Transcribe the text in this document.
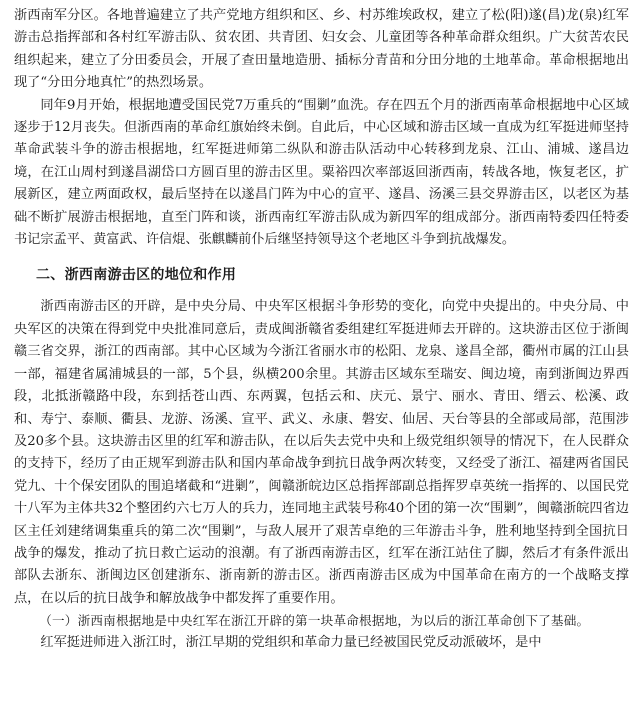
浙西南军分区。各地普遍建立了共产党地方组织和区、乡、村苏维埃政权，建立了松(阳)遂(昌)龙(泉)红军游击总指挥部和各村红军游击队、贫农团、共青团、妇女会、儿童团等各种革命群众组织。广大贫苦农民组织起来，建立了分田委员会，开展了查田量地造册、插标分青苗和分田分地的土地革命。革命根据地出现了“分田分地真忙”的热烈场景。

同年9月开始，根据地遭受国民党7万重兵的“围剿”血洗。存在四五个月的浙西南革命根据地中心区域逐步于12月丧失。但浙西南的革命红旗始终未倒。自此后，中心区域和游击区域一直成为红军挺进师坚持革命武装斗争的游击根据地，红军挺进师第二纵队和游击队活动中心转移到龙泉、江山、浦城、遂昌边境，在江山周村到遂昌湖岱口方圆百里的游击区里。粟裕四次率部返回浙西南，转战各地，恢复老区，扩展新区，建立两面政权，最后坚持在以遂昌门阵为中心的宣平、遂昌、汤溪三县交界游击区，以老区为基础不断扩展游击根据地，直至门阵和谈，浙西南红军游击队成为新四军的组成部分。浙西南特委四任特委书记宗孟平、黄富武、许信焜、张麒麟前仆后继坚持领导这个老地区斗争到抗战爆发。

二、浙西南游击区的地位和作用

浙西南游击区的开辟，是中央分局、中央军区根据斗争形势的变化，向党中央提出的。中央分局、中央军区的决策在得到党中央批准同意后，责成闽浙赣省委组建红军挺进师去开辟的。这块游击区位于浙闽赣三省交界，浙江的西南部。其中心区域为今浙江省丽水市的松阳、龙泉、遂昌全部，衢州市属的江山县一部，福建省属浦城县的一部，5个县，纵横200余里。其游击区域东至瑞安、闽边境，南到浙闽边界西段，北抵浙赣路中段，东到括苍山西、东两翼，包括云和、庆元、景宁、丽水、青田、缙云、松溪、政和、寿宁、泰顺、衢县、龙游、汤溪、宣平、武义、永康、磐安、仙居、天台等县的全部或局部，范围涉及20多个县。这块游击区里的红军和游击队，在以后失去党中央和上级党组织领导的情况下，在人民群众的支持下，经历了由正规军到游击队和国内革命战争到抗日战争两次转变，又经受了浙江、福建两省国民党九、十个保安团队的围追堵截和“进剿”，闽赣浙皖边区总指挥部副总指挥罗卓英统一指挥的、以国民党十八军为主体共32个整团约六七万人的兵力，连同地主武装号称40个团的第一次“围剿”，闽赣浙皖四省边区主任刘建绪调集重兵的第二次“围剿”，与敌人展开了艰苦卓绝的三年游击斗争，胜利地坚持到全国抗日战争的爆发，推动了抗日救亡运动的浪潮。有了浙西南游击区，红军在浙江站住了脚，然后才有条件派出部队去浙东、浙闽边区创建浙东、浙南新的游击区。浙西南游击区成为中国革命在南方的一个战略支撑点，在以后的抗日战争和解放战争中都发挥了重要作用。

（一）浙西南根据地是中央红军在浙江开辟的第一块革命根据地，为以后的浙江革命创下了基础。

红军挺进师进入浙江时，浙江早期的党组织和革命力量已经被国民党反动派破坏，是中
